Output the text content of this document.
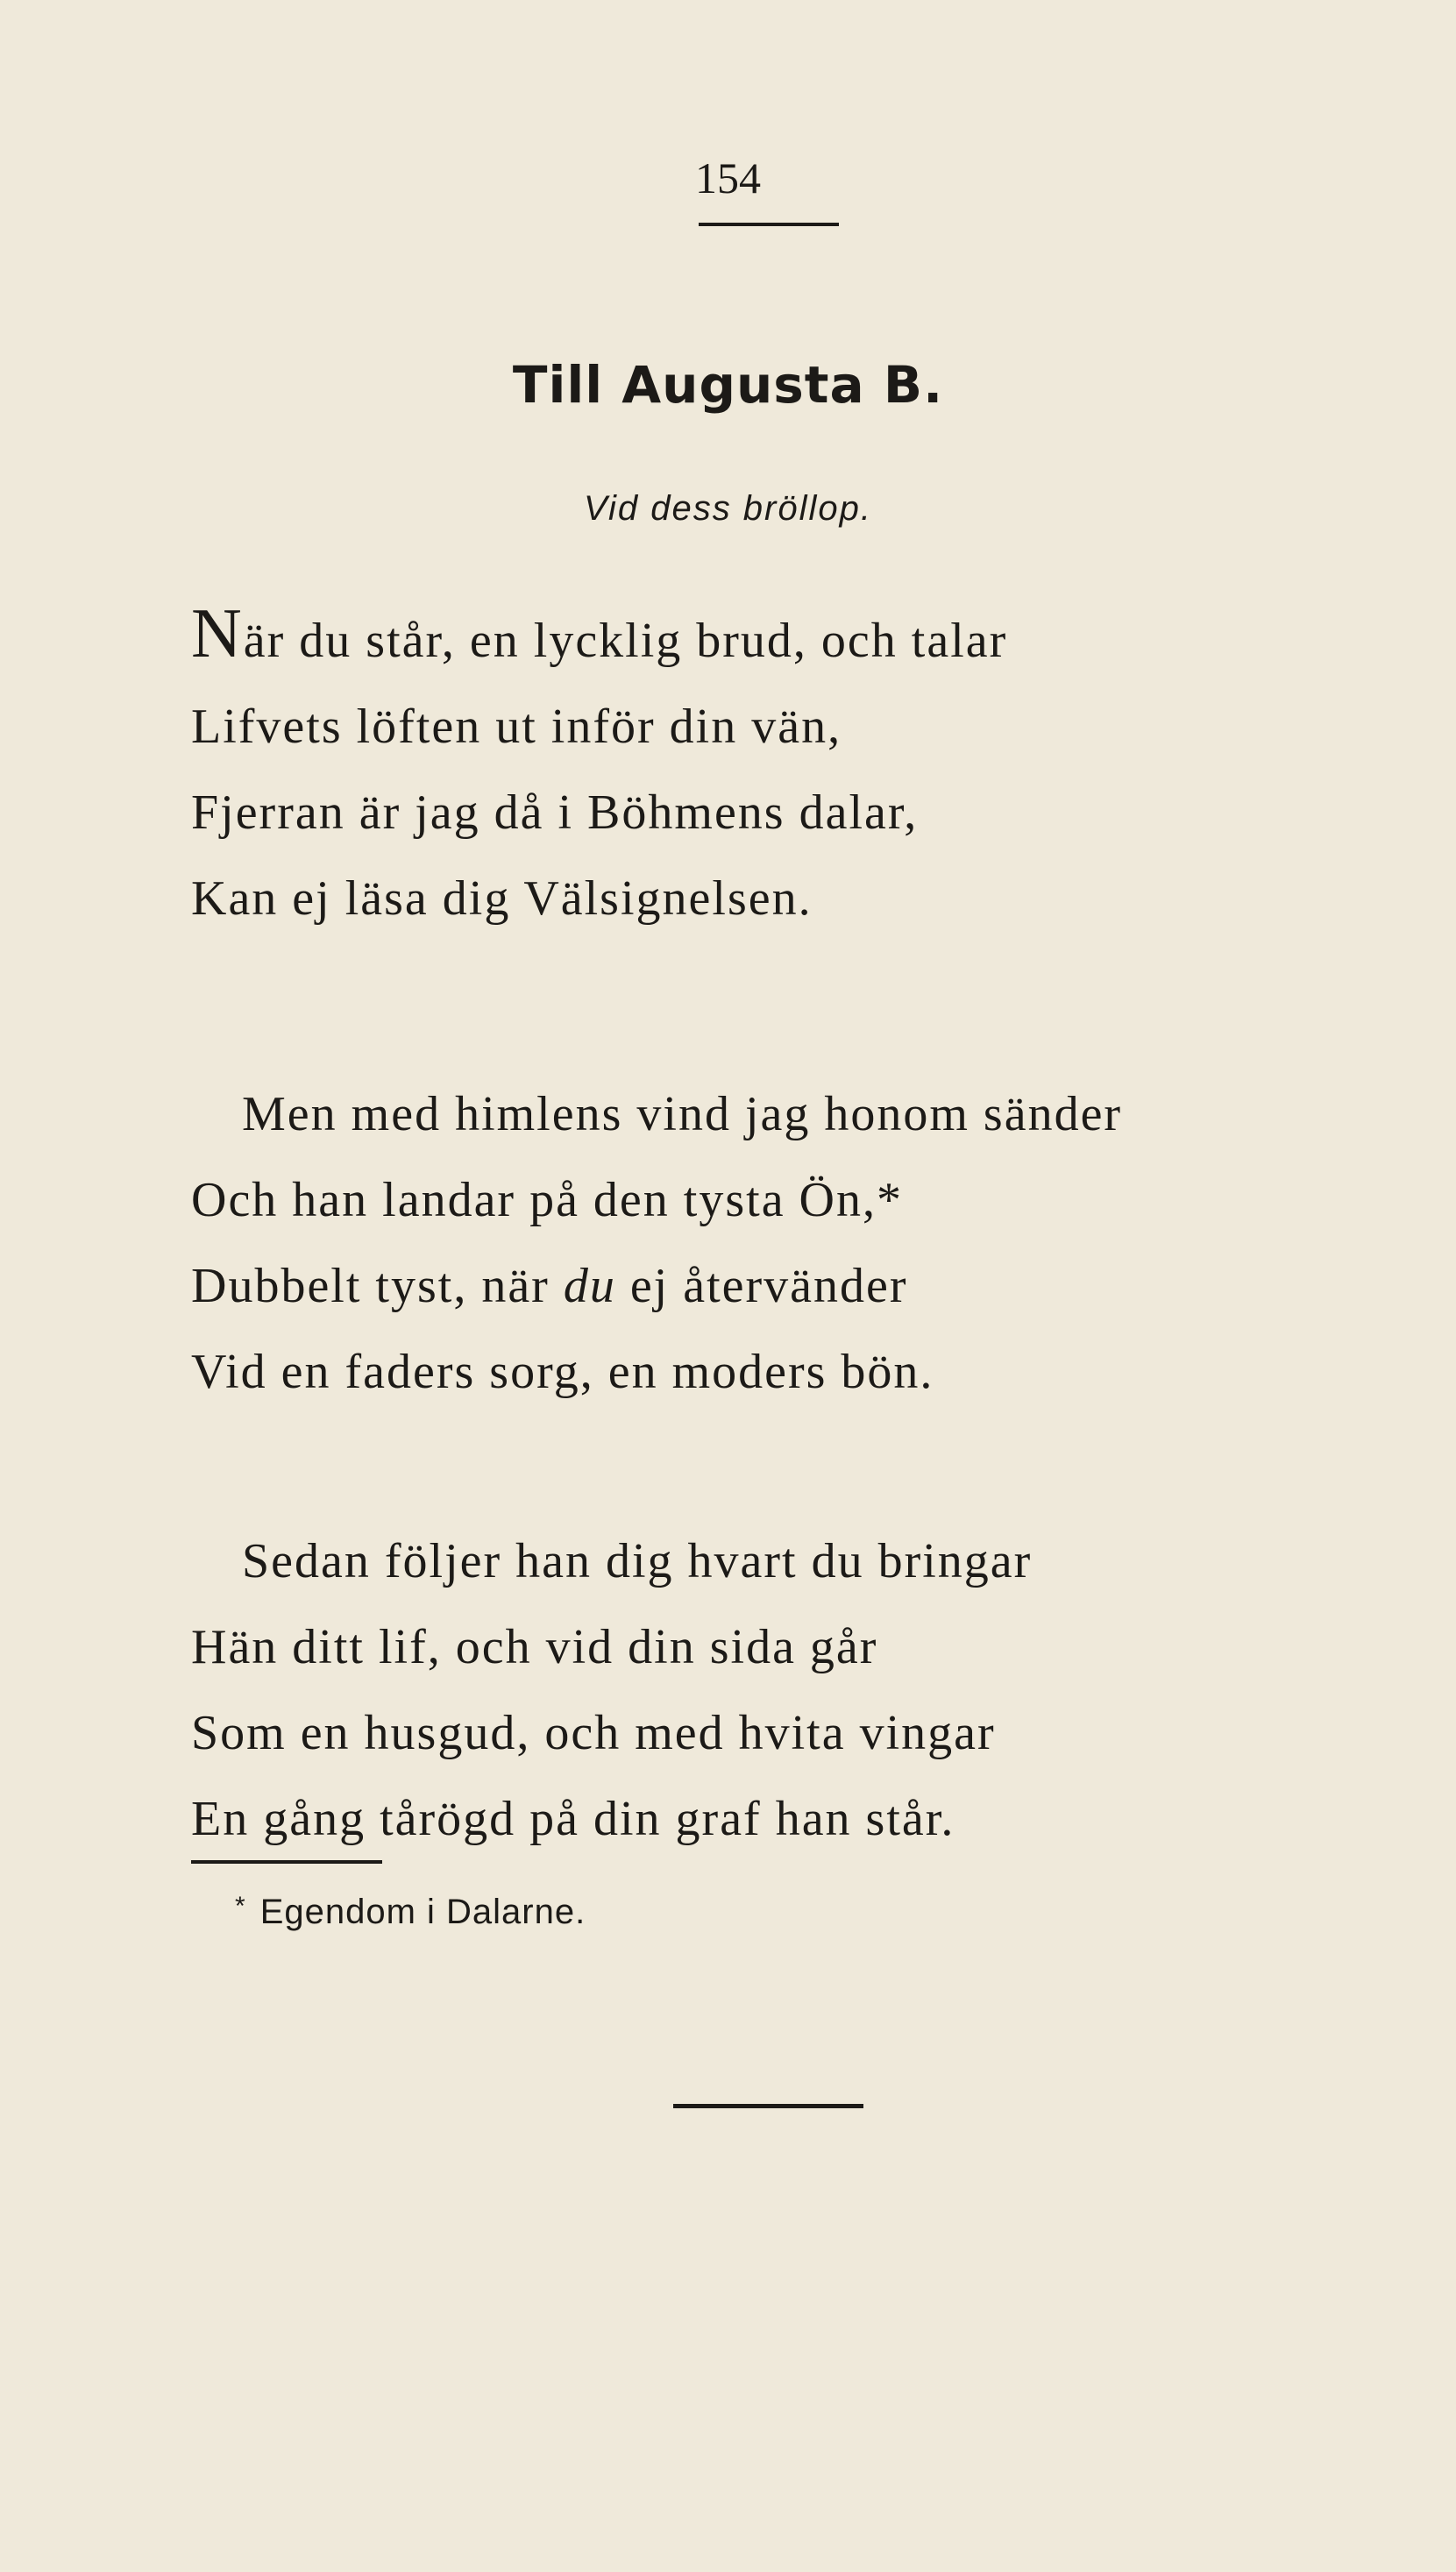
154
Till Augusta B.
Vid dess bröllop.
När du står, en lycklig brud, och talar
Lifvets löften ut inför din vän,
Fjerran är jag då i Böhmens dalar,
Kan ej läsa dig Välsignelsen.
Men med himlens vind jag honom sänder
Och han landar på den tysta Ön,*
Dubbelt tyst, när du ej återvänder
Vid en faders sorg, en moders bön.
Sedan följer han dig hvart du bringar
Hän ditt lif, och vid din sida går
Som en husgud, och med hvita vingar
En gång tårögd på din graf han står.
* Egendom i Dalarne.
